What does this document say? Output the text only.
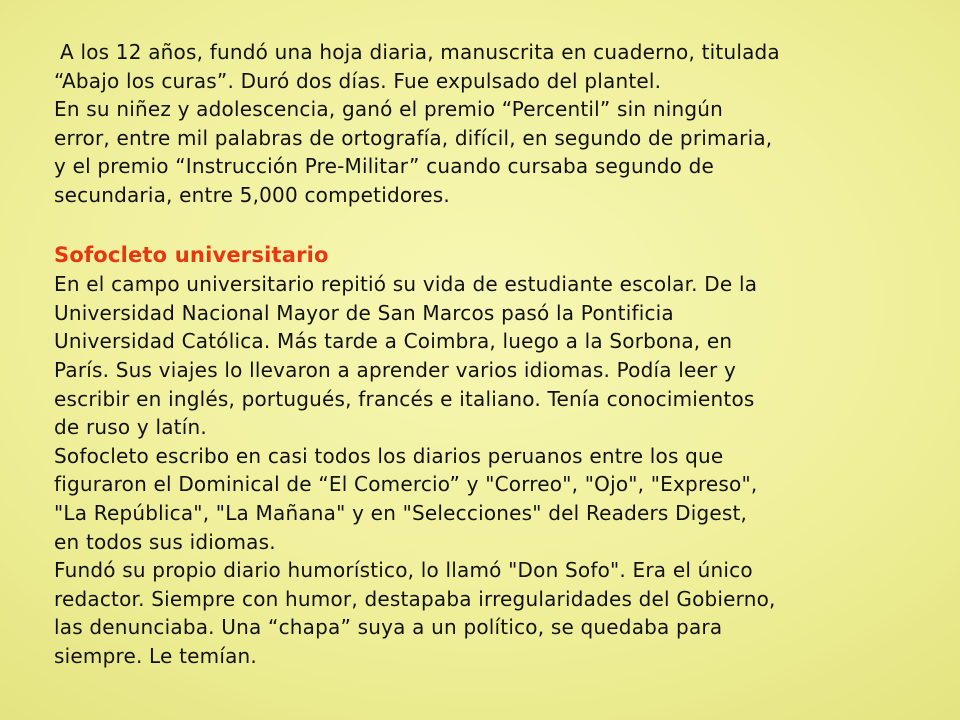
A los 12 años, fundó una hoja diaria, manuscrita en cuaderno, titulada
“Abajo los curas”. Duró dos días. Fue expulsado del plantel.
En su niñez y adolescencia, ganó el premio “Percentil” sin ningún
error, entre mil palabras de ortografía, difícil, en segundo de primaria,
y el premio “Instrucción Pre-Militar” cuando cursaba segundo de
secundaria, entre 5,000 competidores.
Sofocleto universitario
En el campo universitario repitió su vida de estudiante escolar. De la
Universidad Nacional Mayor de San Marcos pasó la Pontificia
Universidad Católica. Más tarde a Coimbra, luego a la Sorbona, en
París. Sus viajes lo llevaron a aprender varios idiomas. Podía leer y
escribir en inglés, portugués, francés e italiano. Tenía conocimientos
de ruso y latín.
Sofocleto escribo en casi todos los diarios peruanos entre los que
figuraron el Dominical de “El Comercio” y "Correo", "Ojo", "Expreso",
"La República", "La Mañana" y en "Selecciones" del Readers Digest,
en todos sus idiomas.
Fundó su propio diario humorístico, lo llamó "Don Sofo". Era el único
redactor. Siempre con humor, destapaba irregularidades del Gobierno,
las denunciaba. Una “chapa” suya a un político, se quedaba para
siempre. Le temían.
